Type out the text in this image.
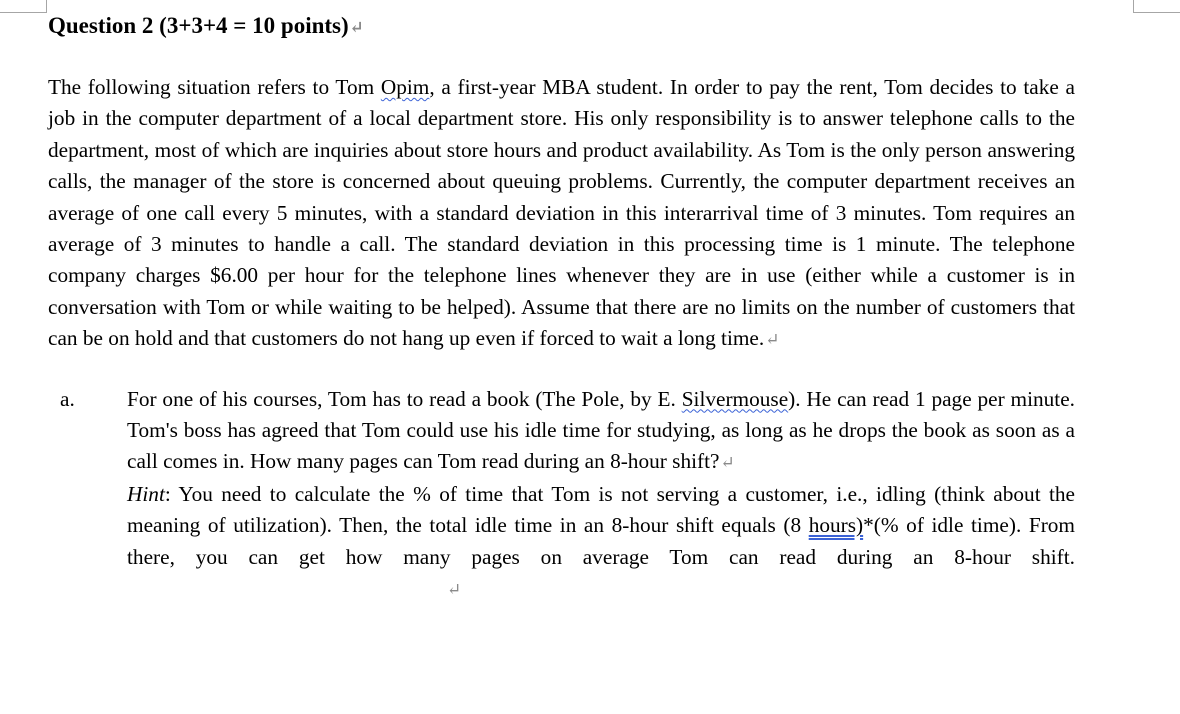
Question 2 (3+3+4 = 10 points)↵

The following situation refers to Tom Opim, a first-year MBA student. In order to pay the rent, Tom decides to take a job in the computer department of a local department store. His only responsibility is to answer telephone calls to the department, most of which are inquiries about store hours and product availability. As Tom is the only person answering calls, the manager of the store is concerned about queuing problems. Currently, the computer department receives an average of one call every 5 minutes, with a standard deviation in this interarrival time of 3 minutes. Tom requires an average of 3 minutes to handle a call. The standard deviation in this processing time is 1 minute. The telephone company charges $6.00 per hour for the telephone lines whenever they are in use (either while a customer is in conversation with Tom or while waiting to be helped). Assume that there are no limits on the number of customers that can be on hold and that customers do not hang up even if forced to wait a long time.↵

a. For one of his courses, Tom has to read a book (The Pole, by E. Silvermouse). He can read 1 page per minute. Tom's boss has agreed that Tom could use his idle time for studying, as long as he drops the book as soon as a call comes in. How many pages can Tom read during an 8-hour shift?↵

Hint: You need to calculate the % of time that Tom is not serving a customer, i.e., idling (think about the meaning of utilization). Then, the total idle time in an 8-hour shift equals (8 hours)*(% of idle time). From there, you can get how many pages on average Tom can read during an 8-hour shift.↵
